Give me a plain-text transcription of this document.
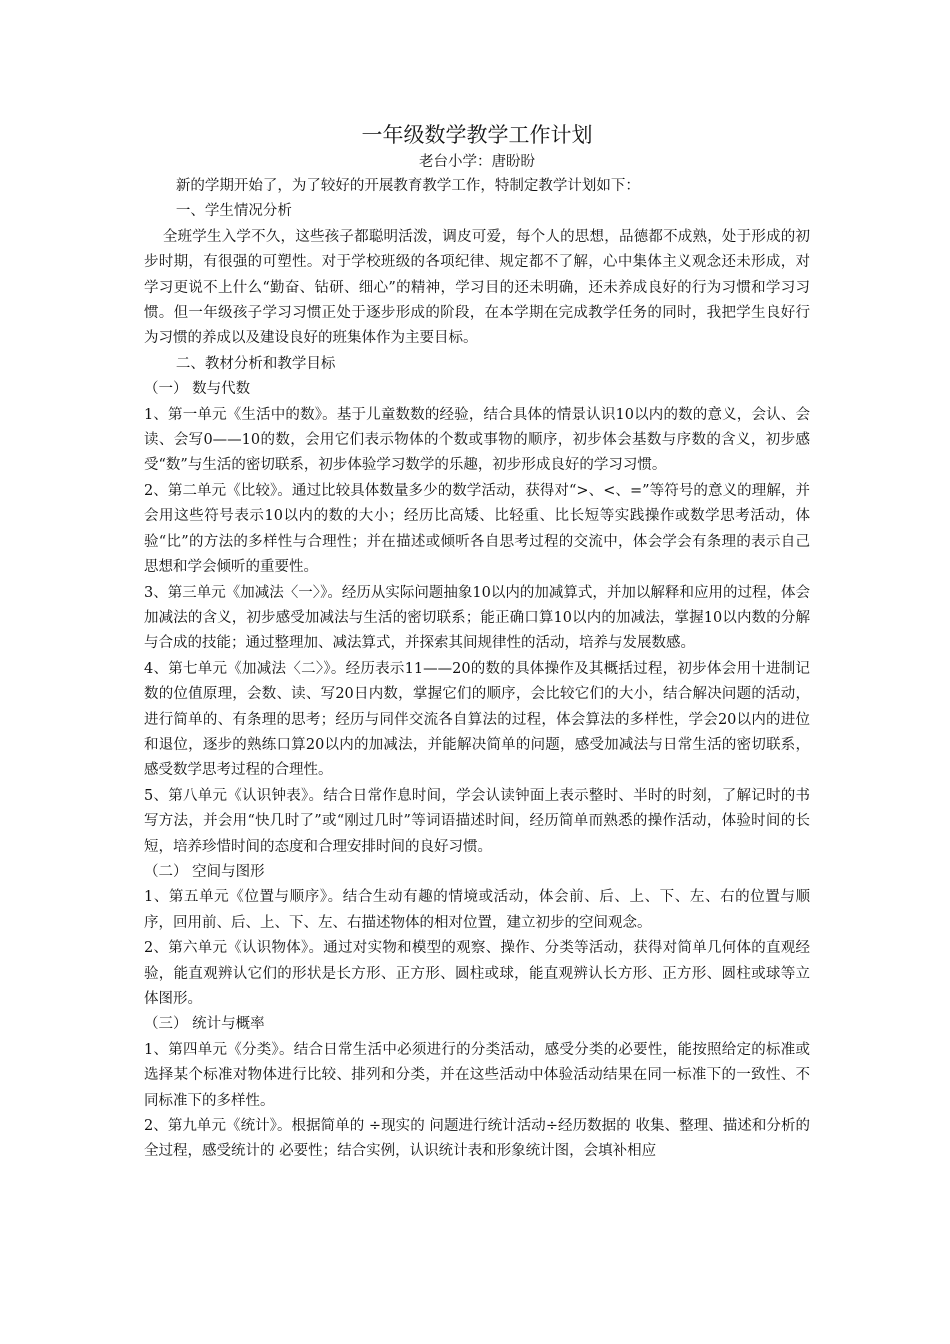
一年级数学教学工作计划
老台小学：唐盼盼

新的学期开始了，为了较好的开展教育教学工作，特制定教学计划如下：

一、学生情况分析

全班学生入学不久，这些孩子都聪明活泼，调皮可爱，每个人的思想，品德都不成熟，处于形成的初步时期，有很强的可塑性。对于学校班级的各项纪律、规定都不了解，心中集体主义观念还未形成，对学习更说不上什么“勤奋、钻研、细心”的精神，学习目的还未明确，还未养成良好的行为习惯和学习习惯。但一年级孩子学习习惯正处于逐步形成的阶段，在本学期在完成教学任务的同时，我把学生良好行为习惯的养成以及建设良好的班集体作为主要目标。

二、教材分析和教学目标

（一） 数与代数

1、第一单元《生活中的数》。基于儿童数数的经验，结合具体的情景认识10以内的数的意义，会认、会读、会写0——10的数，会用它们表示物体的个数或事物的顺序，初步体会基数与序数的含义，初步感受“数”与生活的密切联系，初步体验学习数学的乐趣，初步形成良好的学习习惯。

2、第二单元《比较》。通过比较具体数量多少的数学活动，获得对“>、<、=”等符号的意义的理解，并会用这些符号表示10以内的数的大小；经历比高矮、比轻重、比长短等实践操作或数学思考活动，体验“比”的方法的多样性与合理性；并在描述或倾听各自思考过程的交流中，体会学会有条理的表示自己思想和学会倾听的重要性。

3、第三单元《加减法〈一〉》。经历从实际问题抽象10以内的加减算式，并加以解释和应用的过程，体会加减法的含义，初步感受加减法与生活的密切联系；能正确口算10以内的加减法，掌握10以内数的分解与合成的技能；通过整理加、减法算式，并探索其间规律性的活动，培养与发展数感。

4、第七单元《加减法〈二〉》。经历表示11——20的数的具体操作及其概括过程，初步体会用十进制记数的位值原理，会数、读、写20日内数，掌握它们的顺序，会比较它们的大小，结合解决问题的活动，进行简单的、有条理的思考；经历与同伴交流各自算法的过程，体会算法的多样性，学会20以内的进位和退位，逐步的熟练口算20以内的加减法，并能解决简单的问题，感受加减法与日常生活的密切联系，感受数学思考过程的合理性。

5、第八单元《认识钟表》。结合日常作息时间，学会认读钟面上表示整时、半时的时刻，了解记时的书写方法，并会用“快几时了”或“刚过几时”等词语描述时间，经历简单而熟悉的操作活动，体验时间的长短，培养珍惜时间的态度和合理安排时间的良好习惯。

（二） 空间与图形

1、第五单元《位置与顺序》。结合生动有趣的情境或活动，体会前、后、上、下、左、右的位置与顺序，回用前、后、上、下、左、右描述物体的相对位置，建立初步的空间观念。

2、第六单元《认识物体》。通过对实物和模型的观察、操作、分类等活动，获得对简单几何体的直观经验，能直观辨认它们的形状是长方形、正方形、圆柱或球，能直观辨认长方形、正方形、圆柱或球等立体图形。

（三） 统计与概率

1、第四单元《分类》。结合日常生活中必须进行的分类活动，感受分类的必要性，能按照给定的标准或选择某个标准对物体进行比较、排列和分类，并在这些活动中体验活动结果在同一标准下的一致性、不同标准下的多样性。

2、第九单元《统计》。根据简单的 ÷现实的 问题进行统计活动÷经历数据的 收集、整理、描述和分析的 全过程，感受统计的 必要性；结合实例，认识统计表和形象统计图，会填补相应
